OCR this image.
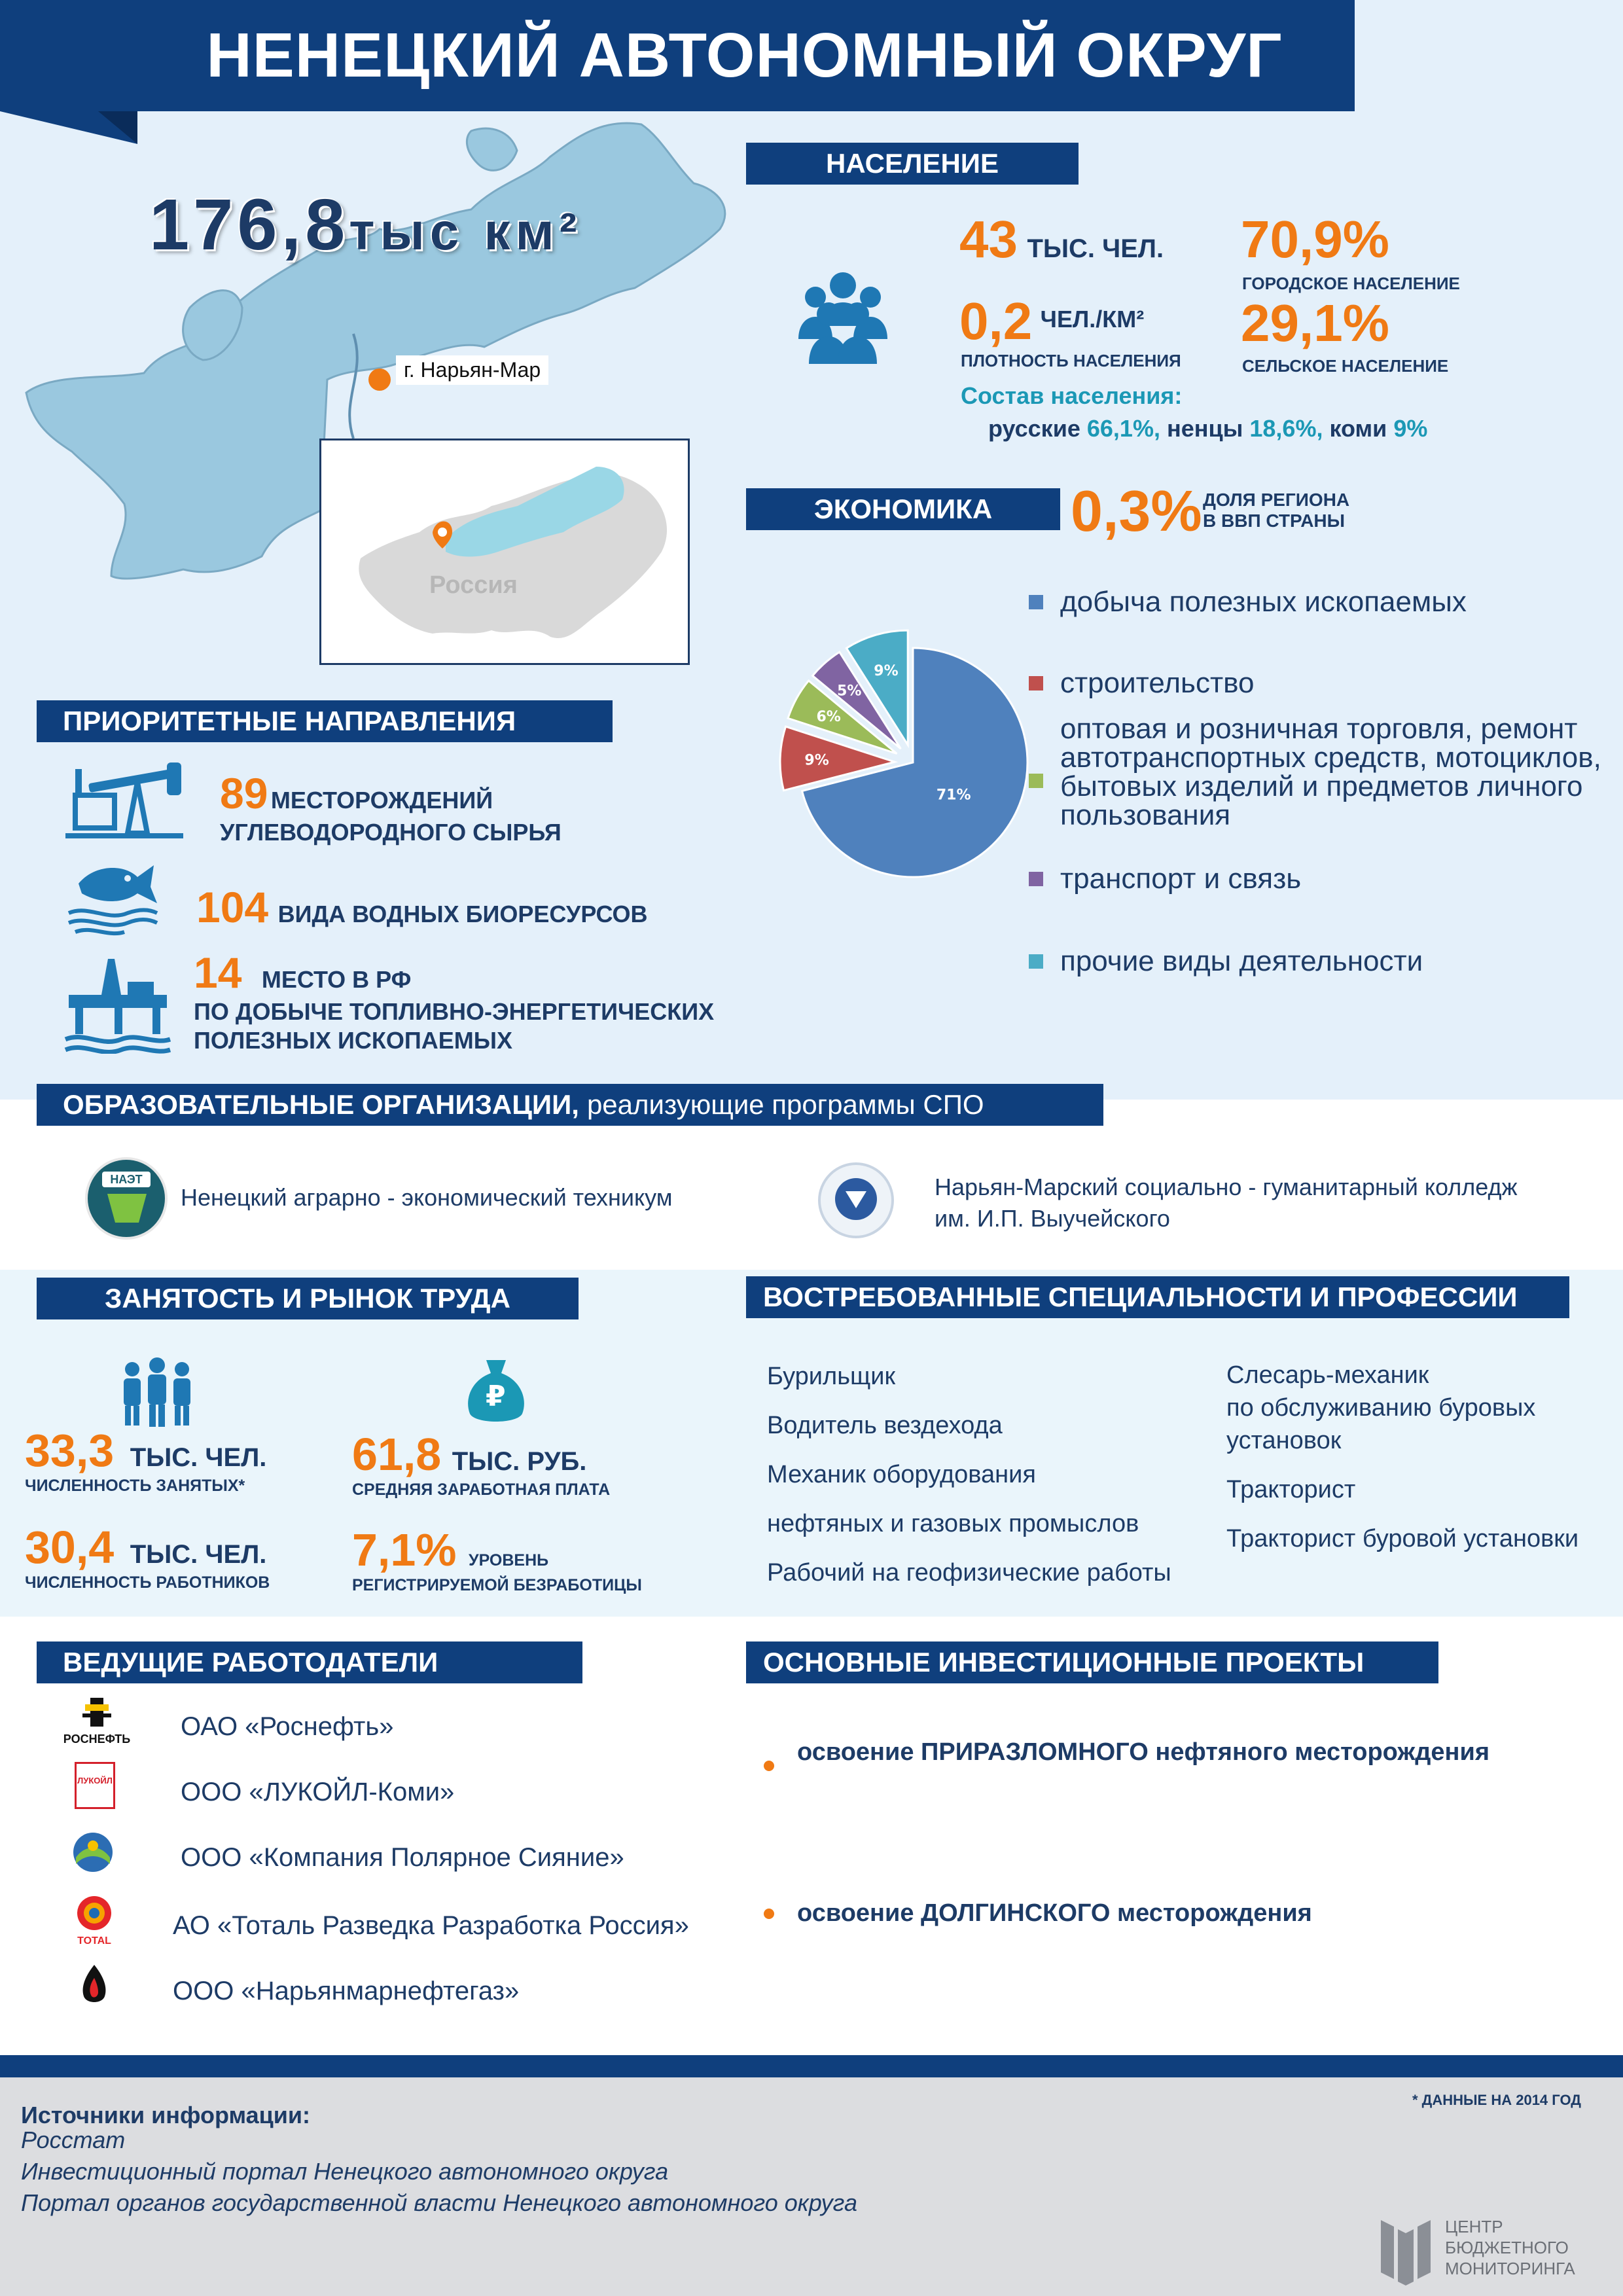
НЕНЕЦКИЙ АВТОНОМНЫЙ ОКРУГ
176,8тыс км²
г. Нарьян-Мар
Россия
НАСЕЛЕНИЕ
43 ТЫС. ЧЕЛ.
0,2 ЧЕЛ./КМ²
ПЛОТНОСТЬ НАСЕЛЕНИЯ
70,9%
ГОРОДСКОЕ НАСЕЛЕНИЕ
29,1%
СЕЛЬСКОЕ НАСЕЛЕНИЕ
Состав населения:
русские 66,1%, ненцы 18,6%, коми 9%
ЭКОНОМИКА	0,3% ДОЛЯ РЕГИОНА
В ВВП СТРАНЫ
9%
5%
6%
9%
71%
добыча полезных ископаемых
строительство
оптовая и розничная торговля, ремонт автотранспортных средств, мотоциклов, бытовых изделий и предметов личного пользования
транспорт и связь
прочие виды деятельности
ПРИОРИТЕТНЫЕ НАПРАВЛЕНИЯ
89 МЕСТОРОЖДЕНИЙ
УГЛЕВОДОРОДНОГО СЫРЬЯ
104 ВИДА ВОДНЫХ БИОРЕСУРСОВ
14 МЕСТО В РФ
ПО ДОБЫЧЕ ТОПЛИВНО-ЭНЕРГЕТИЧЕСКИХ
ПОЛЕЗНЫХ ИСКОПАЕМЫХ
ОБРАЗОВАТЕЛЬНЫЕ ОРГАНИЗАЦИИ, реализующие программы СПО
НАЭТ
Ненецкий аграрно - экономический техникум	Нарьян-Марский социально - гуманитарный колледж
им. И.П. Выучейского
ЗАНЯТОСТЬ И РЫНОК ТРУДА
₽
33,3 ТЫС. ЧЕЛ.
ЧИСЛЕННОСТЬ ЗАНЯТЫХ*
30,4 ТЫС. ЧЕЛ.
ЧИСЛЕННОСТЬ РАБОТНИКОВ
61,8 ТЫС. РУБ.
СРЕДНЯЯ ЗАРАБОТНАЯ ПЛАТА
7,1% УРОВЕНЬ
РЕГИСТРИРУЕМОЙ БЕЗРАБОТИЦЫ
ВОСТРЕБОВАННЫЕ СПЕЦИАЛЬНОСТИ И ПРОФЕССИИ
Бурильщик
Водитель вездехода
Механик оборудования
нефтяных и газовых промыслов
Рабочий на геофизические работы
Слесарь-механик
по обслуживанию буровых
установок
Тракторист
Тракторист буровой установки
ВЕДУЩИЕ РАБОТОДАТЕЛИ
РОСНЕФТЬ ОАО «Роснефть»
ЛУКОЙЛ	ООО «ЛУКОЙЛ-Коми»
ООО «Компания Полярное Сияние»
TOTAL
АО «Тоталь Разведка Разработка Россия»
ООО «Нарьянмарнефтегаз»
ОСНОВНЫЕ ИНВЕСТИЦИОННЫЕ ПРОЕКТЫ
освоение ПРИРАЗЛОМНОГО нефтяного месторождения
освоение ДОЛГИНСКОГО месторождения
* ДАННЫЕ НА 2014 ГОД
Источники информации:
Росстат
Инвестиционный портал Ненецкого автономного округа
Портал органов государственной власти Ненецкого автономного округа
ЦЕНТР
БЮДЖЕТНОГО
МОНИТОРИНГА
